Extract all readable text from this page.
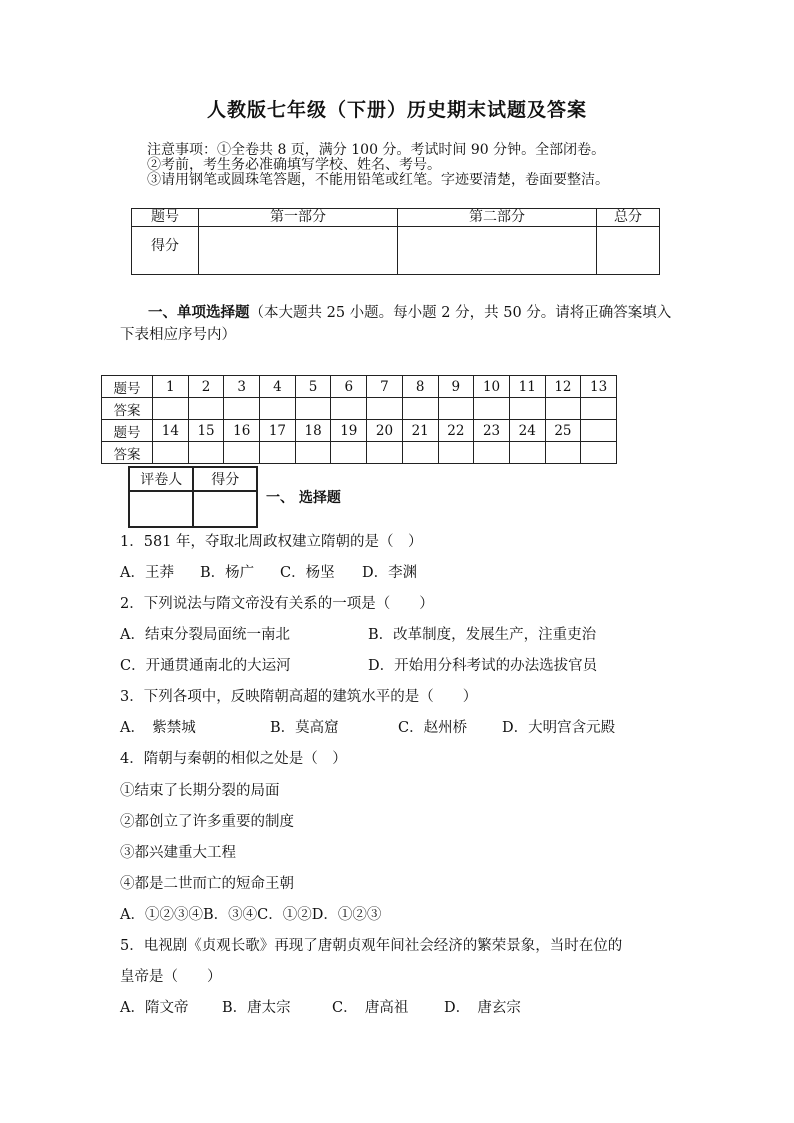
人教版七年级（下册）历史期末试题及答案
注意事项：①全卷共 8 页，满分 100 分。考试时间 90 分钟。全部闭卷。
②考前，考生务必准确填写学校、姓名、考号。
③请用钢笔或圆珠笔答题，不能用铅笔或红笔。字迹要清楚，卷面要整洁。
题号	第一部分	第二部分	总分
得分			
一、单项选择题（本大题共 25 小题。每小题 2 分，共 50 分。请将正确答案填入下表相应序号内）
题号	1	2	3	4	5	6	7	8	9	10	11	12	13
答案													
题号	14	15	16	17	18	19	20	21	22	23	24	25	
答案													
评卷人	得分

一、 选择题
1．581 年，夺取北周政权建立隋朝的是（　）
A．王莽 B．杨广 C．杨坚 D．李渊
2．下列说法与隋文帝没有关系的一项是（　　）
A．结束分裂局面统一南北	B．改革制度，发展生产，注重吏治
C．开通贯通南北的大运河	D．开始用分科考试的办法选拔官员
3．下列各项中，反映隋朝高超的建筑水平的是（　　）
A．　紫禁城	B．莫高窟	C．赵州桥 D．大明宫含元殿
4．隋朝与秦朝的相似之处是（　）
①结束了长期分裂的局面
②都创立了许多重要的制度
③都兴建重大工程
④都是二世而亡的短命王朝
A．①②③④B．③④C．①②D．①②③
5．电视剧《贞观长歌》再现了唐朝贞观年间社会经济的繁荣景象，当时在位的
皇帝是（　　）
A．隋文帝 B．唐太宗	C．　唐高祖 D．　唐玄宗
